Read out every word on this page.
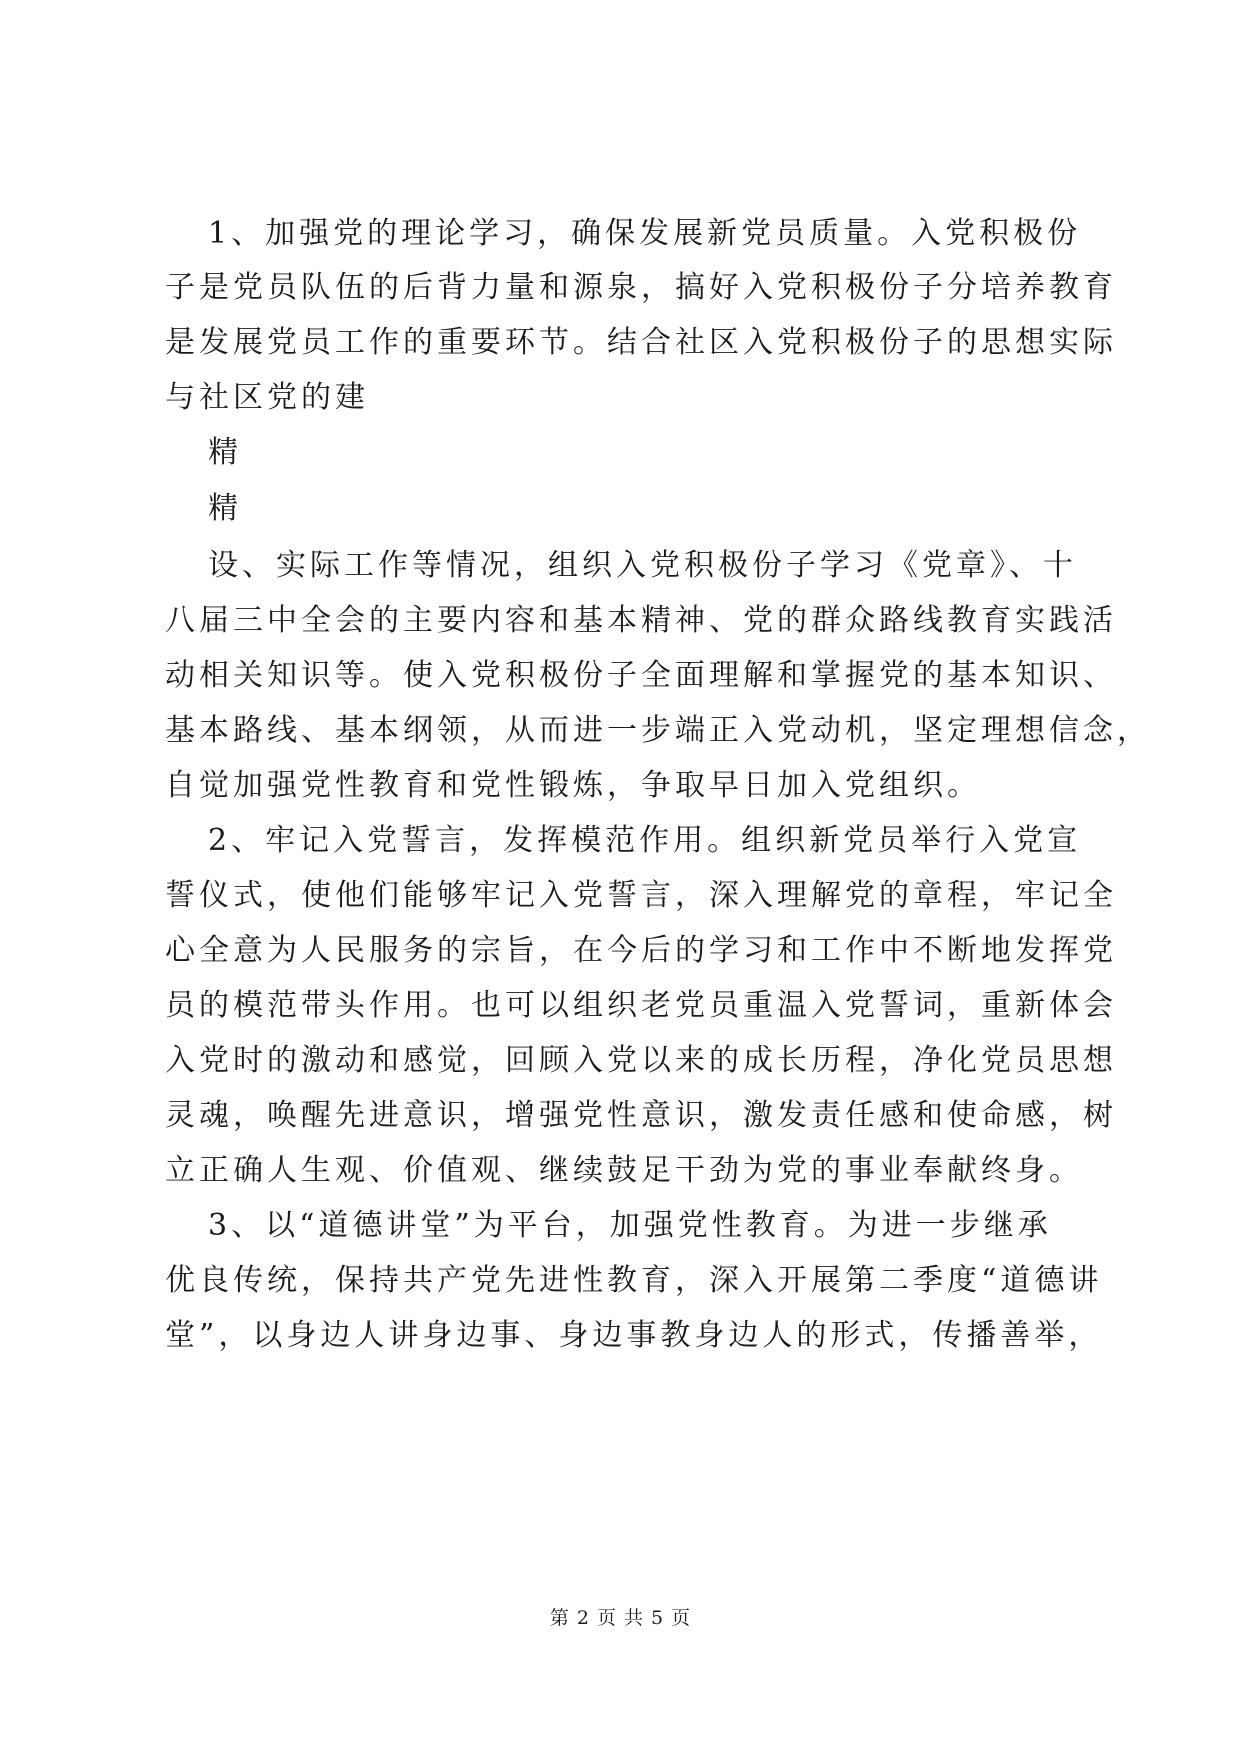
1、加强党的理论学习，确保发展新党员质量。入党积极份
子是党员队伍的后背力量和源泉，搞好入党积极份子分培养教育
是发展党员工作的重要环节。结合社区入党积极份子的思想实际
与社区党的建
精
精
设、实际工作等情况，组织入党积极份子学习《党章》、十
八届三中全会的主要内容和基本精神、党的群众路线教育实践活
动相关知识等。使入党积极份子全面理解和掌握党的基本知识、
基本路线、基本纲领，从而进一步端正入党动机，坚定理想信念，
自觉加强党性教育和党性锻炼，争取早日加入党组织。
2、牢记入党誓言，发挥模范作用。组织新党员举行入党宣
誓仪式，使他们能够牢记入党誓言，深入理解党的章程，牢记全
心全意为人民服务的宗旨，在今后的学习和工作中不断地发挥党
员的模范带头作用。也可以组织老党员重温入党誓词，重新体会
入党时的激动和感觉，回顾入党以来的成长历程，净化党员思想
灵魂，唤醒先进意识，增强党性意识，激发责任感和使命感，树
立正确人生观、价值观、继续鼓足干劲为党的事业奉献终身。
3、以“道德讲堂”为平台，加强党性教育。为进一步继承
优良传统，保持共产党先进性教育，深入开展第二季度“道德讲
堂”，以身边人讲身边事、身边事教身边人的形式，传播善举，
第 2 页 共 5 页
